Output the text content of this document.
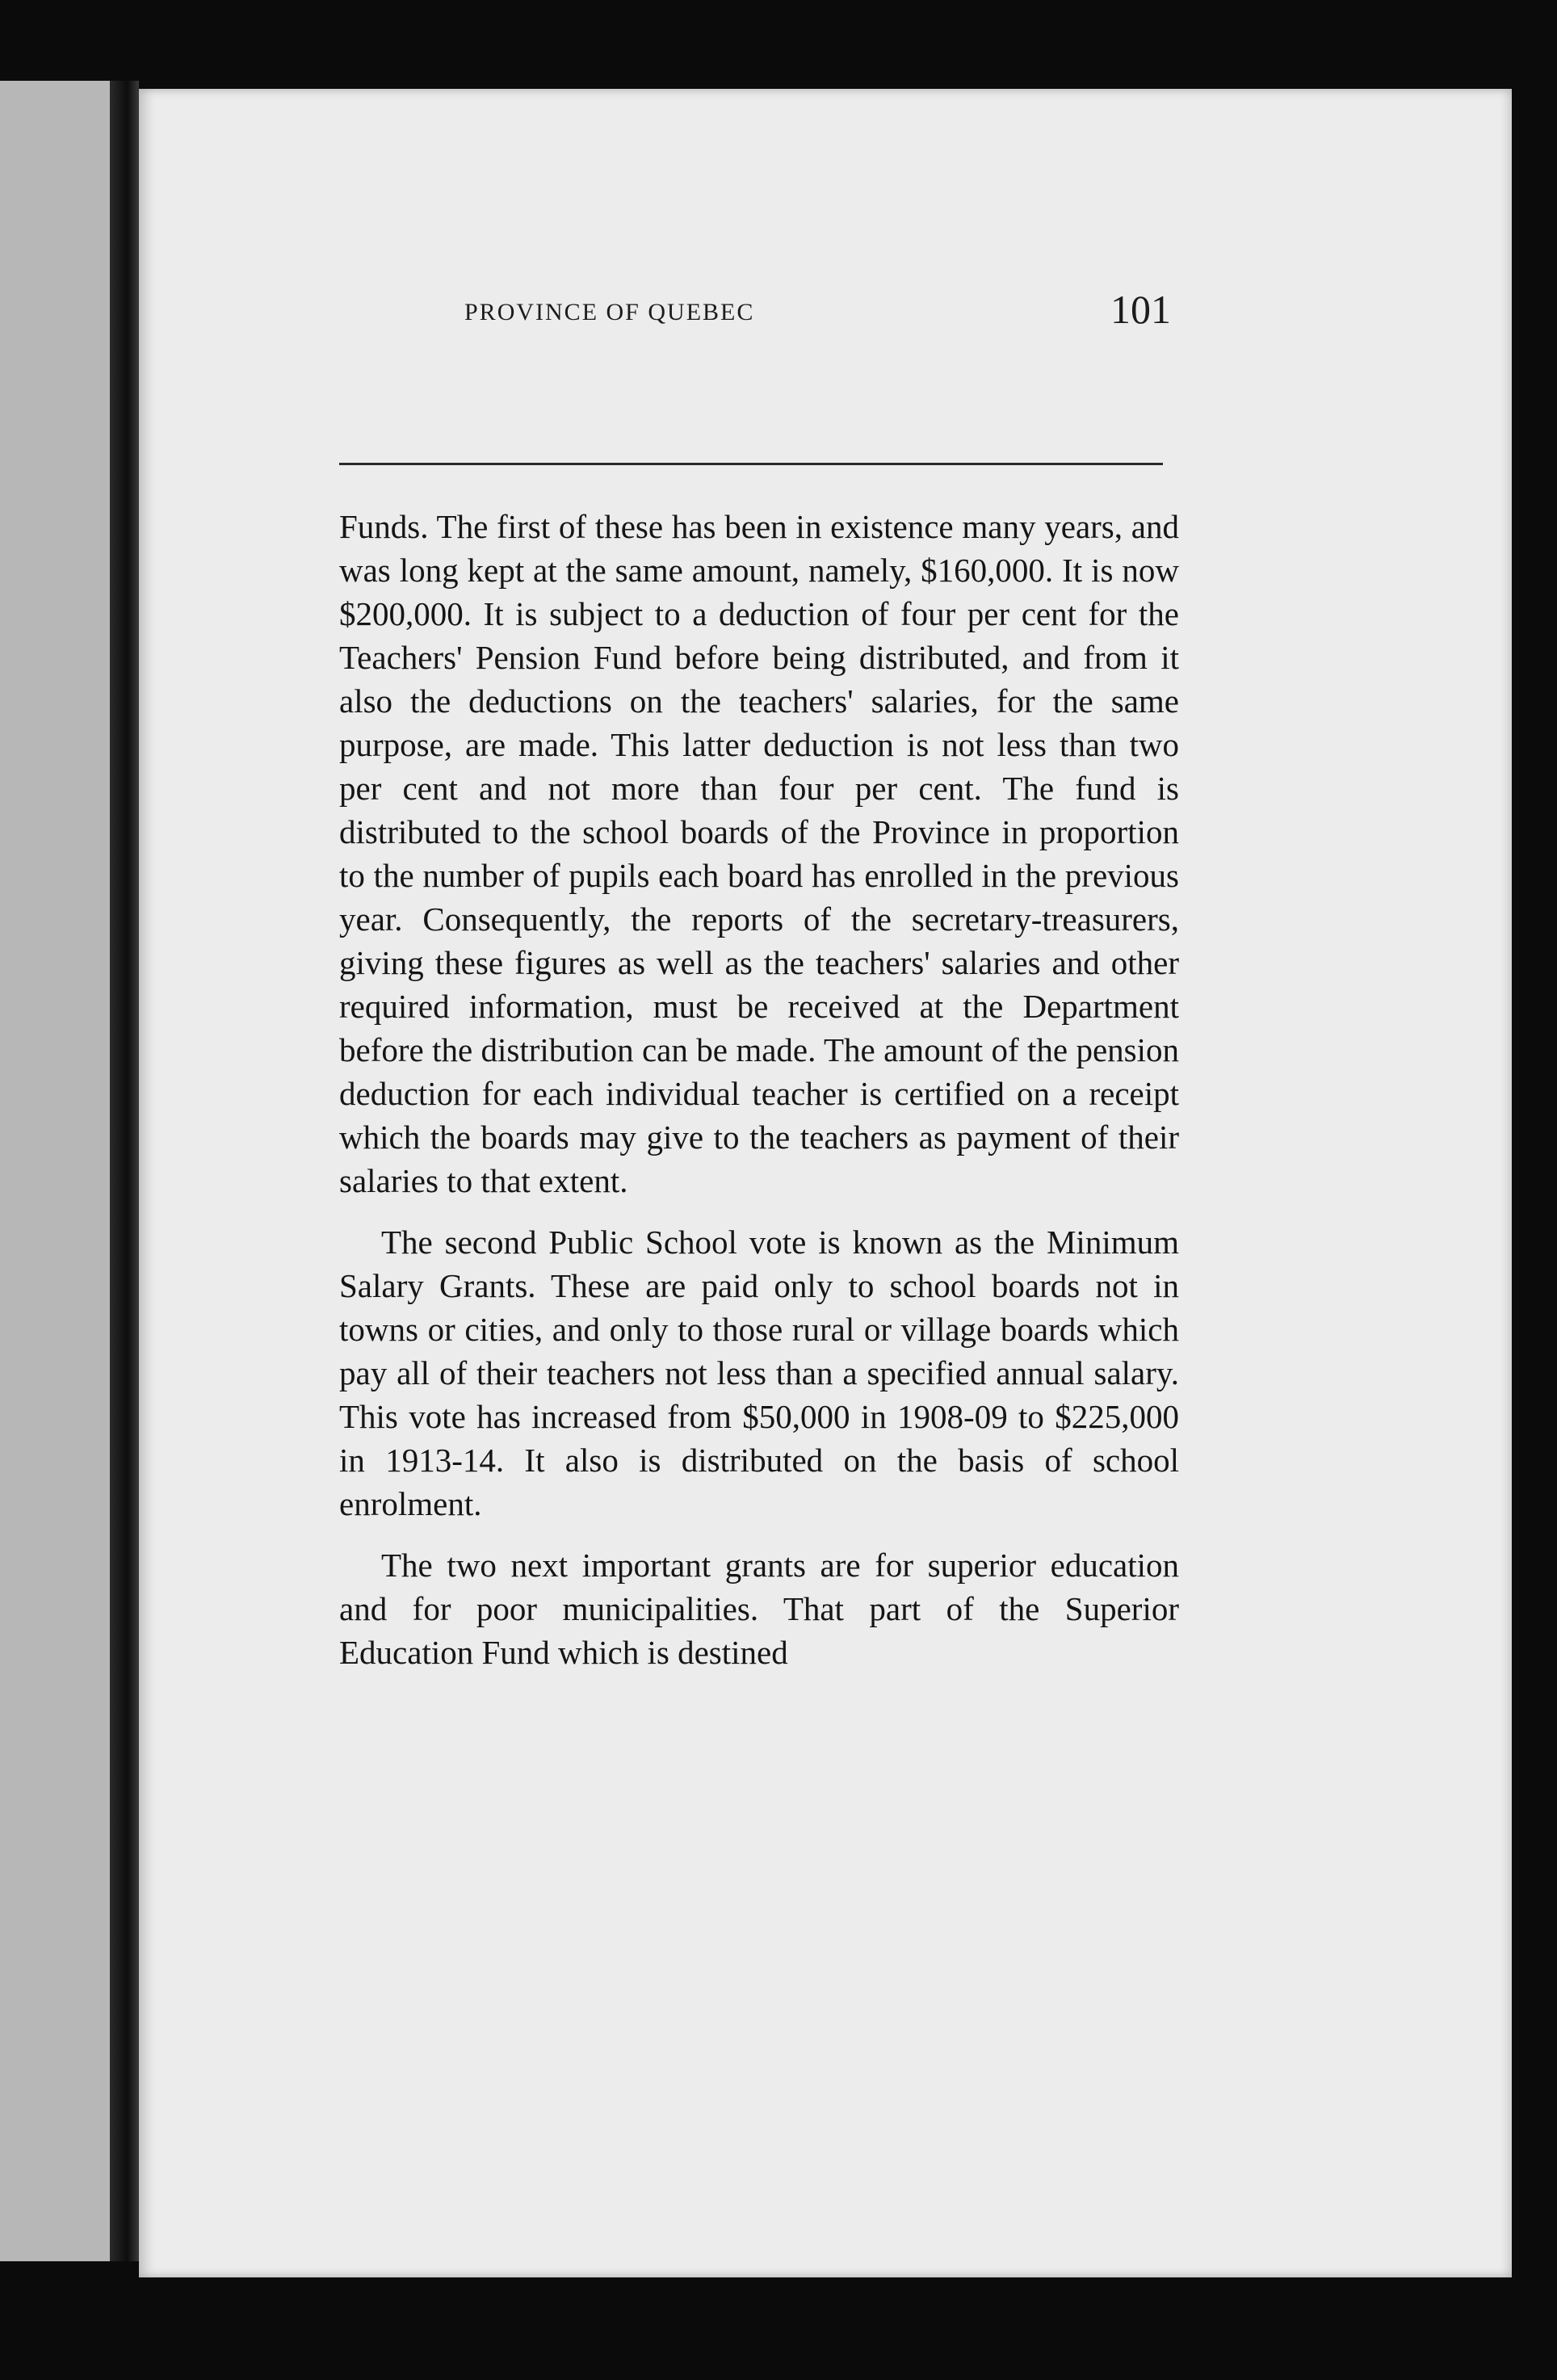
PROVINCE OF QUEBEC	101

Funds. The first of these has been in existence many years, and was long kept at the same amount, namely, $160,000. It is now $200,000. It is subject to a deduction of four per cent for the Teachers' Pension Fund before being distributed, and from it also the deductions on the teachers' salaries, for the same purpose, are made. This latter deduction is not less than two per cent and not more than four per cent. The fund is distributed to the school boards of the Province in proportion to the number of pupils each board has enrolled in the previous year. Consequently, the reports of the secretary-treasurers, giving these figures as well as the teachers' salaries and other required information, must be received at the Department before the distribution can be made. The amount of the pension deduction for each individual teacher is certified on a receipt which the boards may give to the teachers as payment of their salaries to that extent.

The second Public School vote is known as the Minimum Salary Grants. These are paid only to school boards not in towns or cities, and only to those rural or village boards which pay all of their teachers not less than a specified annual salary. This vote has increased from $50,000 in 1908-09 to $225,000 in 1913-14. It also is distributed on the basis of school enrolment.

The two next important grants are for superior education and for poor municipalities. That part of the Superior Education Fund which is destined
